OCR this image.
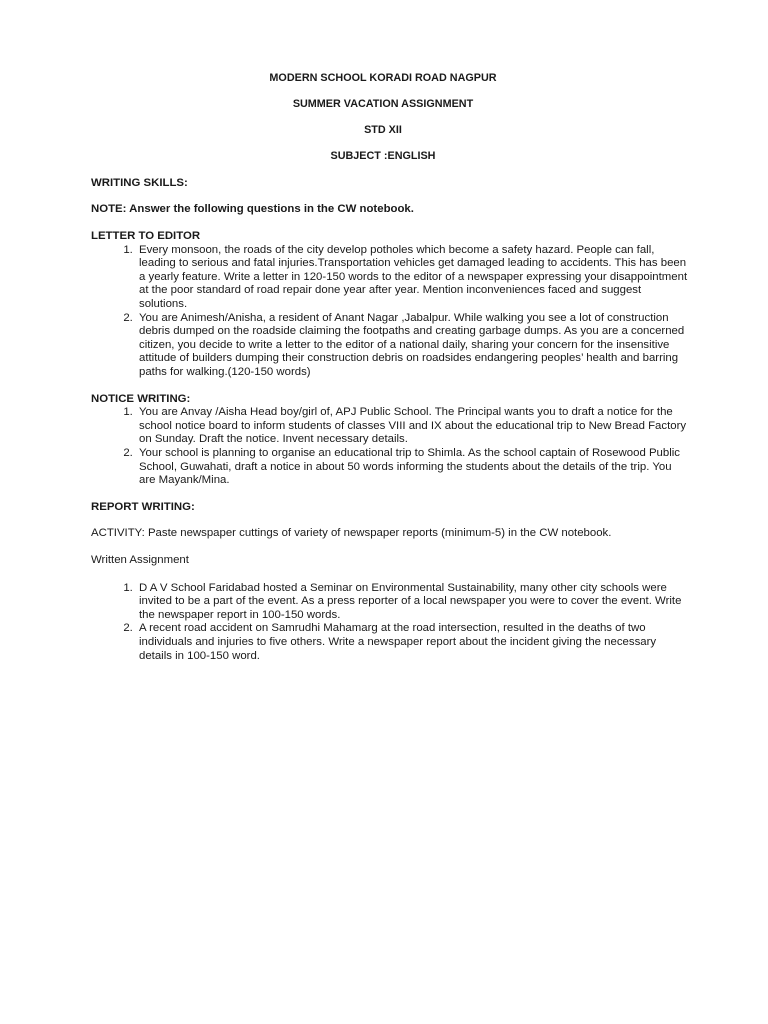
MODERN SCHOOL KORADI ROAD NAGPUR

SUMMER VACATION ASSIGNMENT

STD XII

SUBJECT :ENGLISH

WRITING SKILLS:

NOTE: Answer the following questions in the CW notebook.

LETTER TO EDITOR

1. Every monsoon, the roads of the city develop potholes which become a safety hazard. People can fall, leading to serious and fatal injuries.Transportation vehicles get damaged leading to accidents. This has been a yearly feature. Write a letter in 120-150 words to the editor of a newspaper expressing your disappointment at the poor standard of road repair done year after year. Mention inconveniences faced and suggest solutions.
2. You are Animesh/Anisha, a resident of Anant Nagar ,Jabalpur. While walking you see a lot of construction debris dumped on the roadside claiming the footpaths and creating garbage dumps. As you are a concerned citizen, you decide to write a letter to the editor of a national daily, sharing your concern for the insensitive attitude of builders dumping their construction debris on roadsides endangering peoples’ health and barring paths for walking.(120-150 words)

NOTICE WRITING:

1. You are Anvay /Aisha Head boy/girl of, APJ Public School. The Principal wants you to draft a notice for the school notice board to inform students of classes VIII and IX about the educational trip to New Bread Factory on Sunday. Draft the notice. Invent necessary details.
2. Your school is planning to organise an educational trip to Shimla. As the school captain of Rosewood Public School, Guwahati, draft a notice in about 50 words informing the students about the details of the trip. You are Mayank/Mina.

REPORT WRITING:

ACTIVITY: Paste newspaper cuttings of variety of newspaper reports (minimum-5) in the CW notebook.

Written Assignment

1. D A V School Faridabad hosted a Seminar on Environmental Sustainability, many other city schools were invited to be a part of the event. As a press reporter of a local newspaper you were to cover the event. Write the newspaper report in 100-150 words.
2. A recent road accident on Samrudhi Mahamarg at the road intersection, resulted in the deaths of two individuals and injuries to five others. Write a newspaper report about the incident giving the necessary details in 100-150 word.
